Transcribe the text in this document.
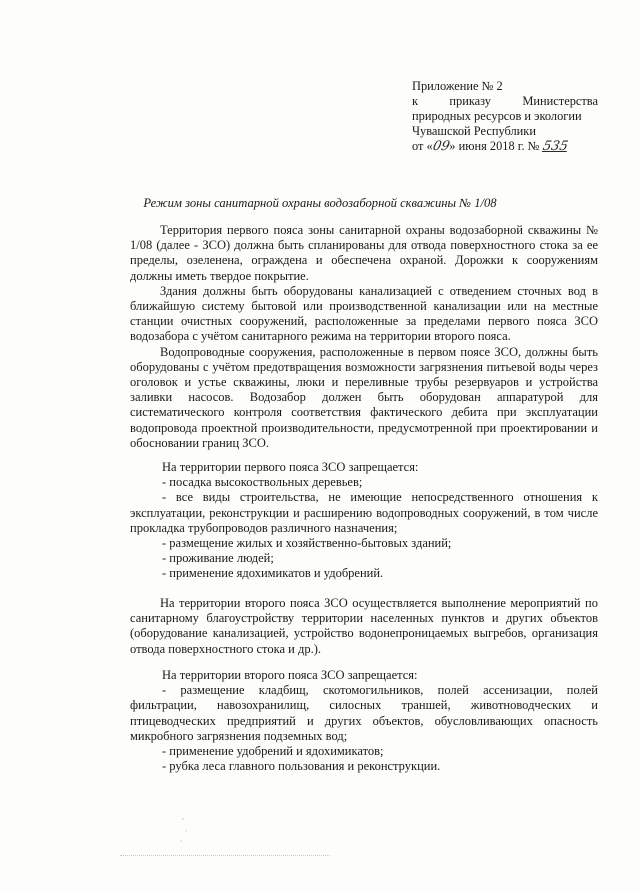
Приложение № 2
к приказу Министерства
природных ресурсов и экологии
Чувашской Республики
от «09» июня 2018 г. № 535
Режим зоны санитарной охраны водозаборной скважины № 1/08

Территория первого пояса зоны санитарной охраны водозаборной скважины № 1/08 (далее - ЗСО) должна быть спланированы для отвода поверхностного стока за ее пределы, озеленена, ограждена и обеспечена охраной. Дорожки к сооружениям должны иметь твердое покрытие.

Здания должны быть оборудованы канализацией с отведением сточных вод в ближайшую систему бытовой или производственной канализации или на местные станции очистных сооружений, расположенные за пределами первого пояса ЗСО водозабора с учётом санитарного режима на территории второго пояса.

Водопроводные сооружения, расположенные в первом поясе ЗСО, должны быть оборудованы с учётом предотвращения возможности загрязнения питьевой воды через оголовок и устье скважины, люки и переливные трубы резервуаров и устройства заливки насосов. Водозабор должен быть оборудован аппаратурой для систематического контроля соответствия фактического дебита при эксплуатации водопровода проектной производительности, предусмотренной при проектировании и обосновании границ ЗСО.

На территории первого пояса ЗСО запрещается:

- посадка высокоствольных деревьев;
- все виды строительства, не имеющие непосредственного отношения к эксплуатации, реконструкции и расширению водопроводных сооружений, в том числе прокладка трубопроводов различного назначения;
- размещение жилых и хозяйственно-бытовых зданий;
- проживание людей;
- применение ядохимикатов и удобрений.

На территории второго пояса ЗСО осуществляется выполнение мероприятий по санитарному благоустройству территории населенных пунктов и других объектов (оборудование канализацией, устройство водонепроницаемых выгребов, организация отвода поверхностного стока и др.).

На территории второго пояса ЗСО запрещается:

- размещение кладбищ, скотомогильников, полей ассенизации, полей фильтрации, навозохранилищ, силосных траншей, животноводческих и птицеводческих предприятий и других объектов, обусловливающих опасность микробного загрязнения подземных вод;
- применение удобрений и ядохимикатов;
- рубка леса главного пользования и реконструкции.
